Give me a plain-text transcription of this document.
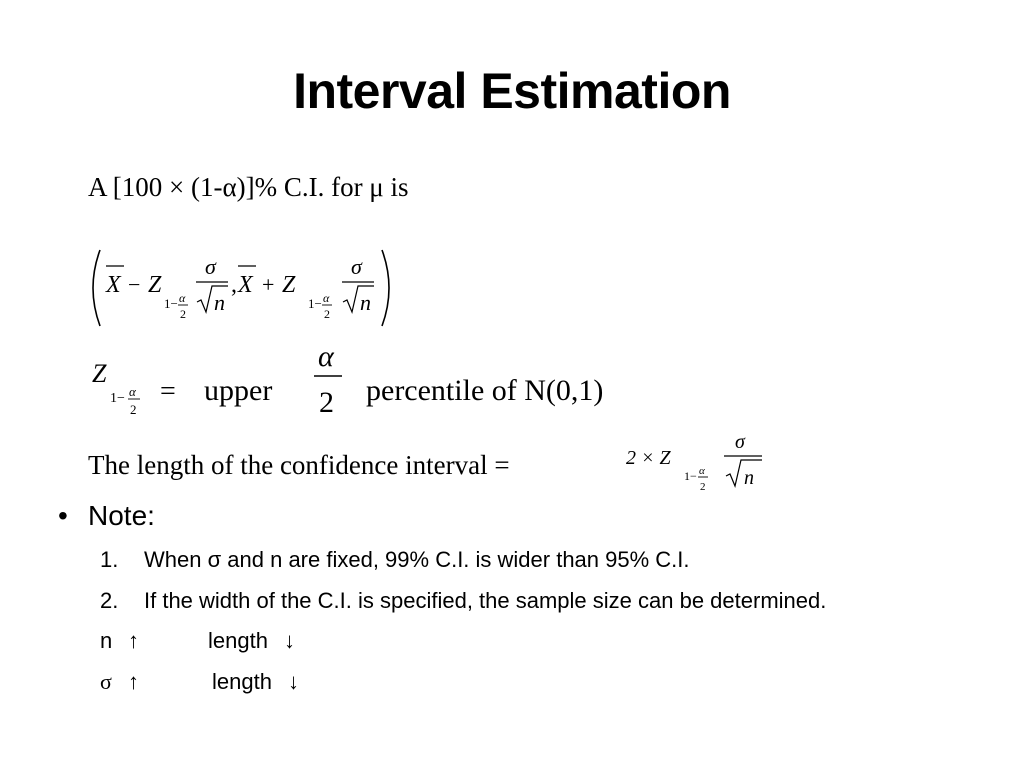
Interval Estimation
A [100 × (1-α)]% C.I. for μ is
X − Z
1− α
2
σ
n
, X + Z
1− α
2
σ
n
Z
1− α
2
= upper
α
2 percentile of N(0,1)
The length of the confidence interval =	2 × Z
1− α
2
σ
n
• Note:
1. When σ and n are fixed, 99% C.I. is wider than 95% C.I.
2. If the width of the C.I. is specified, the sample size can be determined.
n ↑	length ↓
σ ↑	length ↓
